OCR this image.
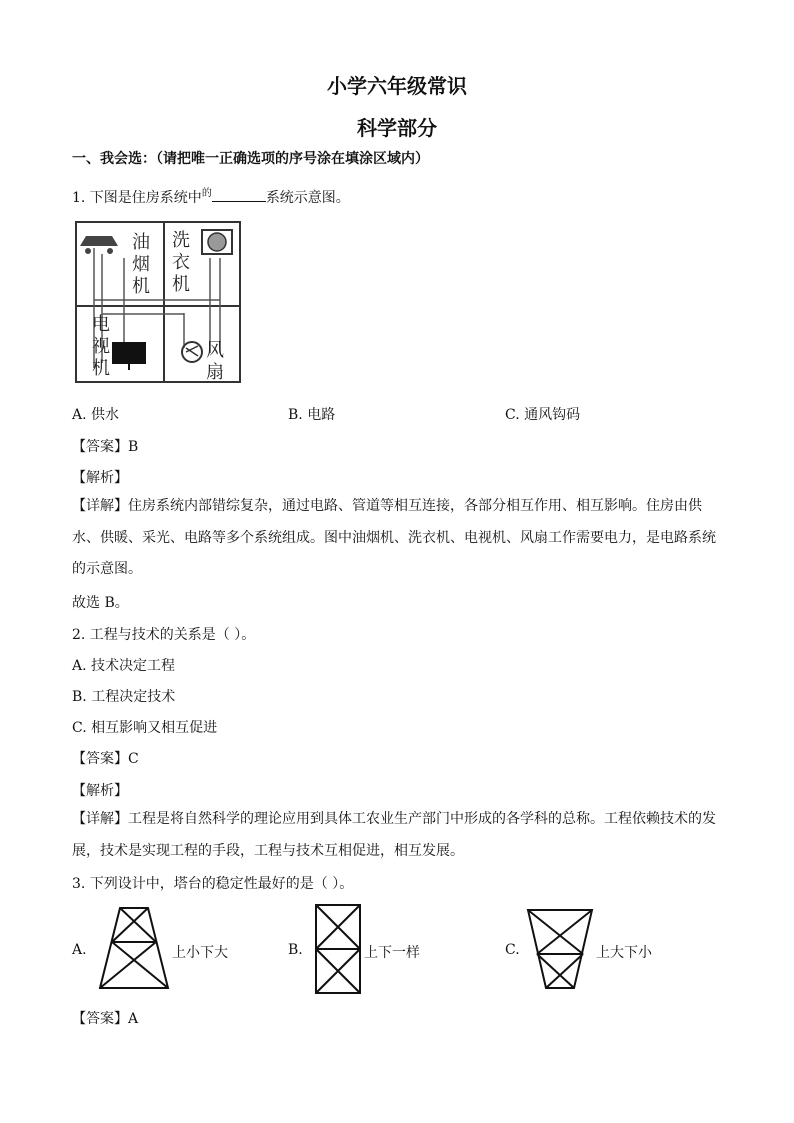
小学六年级常识
科学部分
一、我会选：（请把唯一正确选项的序号涂在填涂区域内）
1. 下图是住房系统中$^的$	系统示意图。
油烟机
洗衣机
电视机
风扇
A. 供水	B. 电路	C. 通风钩码
【答案】B
【解析】
【详解】住房系统内部错综复杂，通过电路、管道等相互连接，各部分相互作用、相互影响。住房由供水、供暖、采光、电路等多个系统组成。图中油烟机、洗衣机、电视机、风扇工作需要电力，是电路系统的示意图。
故选 B。
2. 工程与技术的关系是（ ）。
A. 技术决定工程
B. 工程决定技术
C. 相互影响又相互促进
【答案】C
【解析】
【详解】工程是将自然科学的理论应用到具体工农业生产部门中形成的各学科的总称。工程依赖技术的发展，技术是实现工程的手段，工程与技术互相促进，相互发展。
3. 下列设计中，塔台的稳定性最好的是（ ）。
A.	上小下大	B.	上下一样	C.	上大下小
【答案】A
